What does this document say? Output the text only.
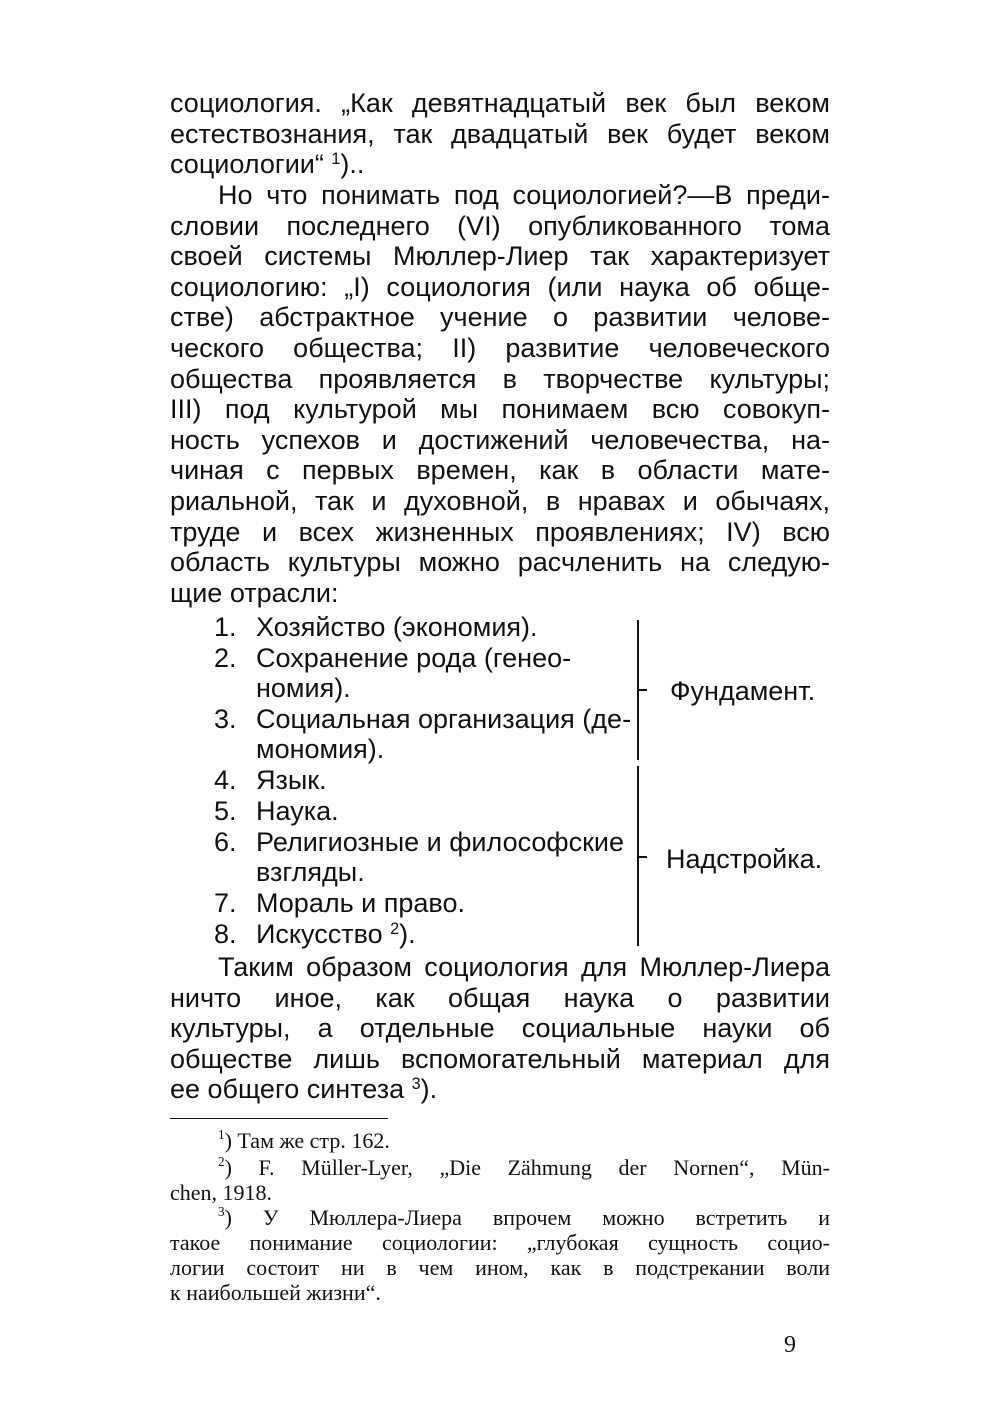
социология. „Как девятнадцатый век был веком
естествознания, так двадцатый век будет веком
социологии“ $^1$)..
Но что понимать под социологией?—В преди-
словии последнего (VI) опубликованного тома
своей системы Мюллер-Лиер так характеризует
социологию: „I) социология (или наука об обще-
стве) абстрактное учение о развитии челове-
ческого общества; II) развитие человеческого
общества проявляется в творчестве культуры;
III) под культурой мы понимаем всю совокуп-
ность успехов и достижений человечества, на-
чиная с первых времен, как в области мате-
риальной, так и духовной, в нравах и обычаях,
труде и всех жизненных проявлениях; IV) всю
область культуры можно расчленить на следую-
щие отрасли:
1. Хозяйство (экономия).
2. Сохранение рода (генео-
номия).
3. Социальная организация (де-
мономия).
4. Язык.
5. Наука.
6. Религиозные и философские
взгляды.
7. Мораль и право.
8. Искусство $^2$).
Фундамент.
Надстройка.
Таким образом социология для Мюллер-Лиера
ничто иное, как общая наука о развитии
культуры, а отдельные социальные науки об
обществе лишь вспомогательный материал для
ее общего синтеза $^3$).
$^1$) Там же стр. 162.
$^2$) F. Müller-Lyer, „Die Zähmung der Nornen“, Mün-
chen, 1918.
$^3$) У Мюллера-Лиера впрочем можно встретить и
такое понимание социологии: „глубокая сущность социо-
логии состоит ни в чем ином, как в подстрекании воли
к наибольшей жизни“.
9
